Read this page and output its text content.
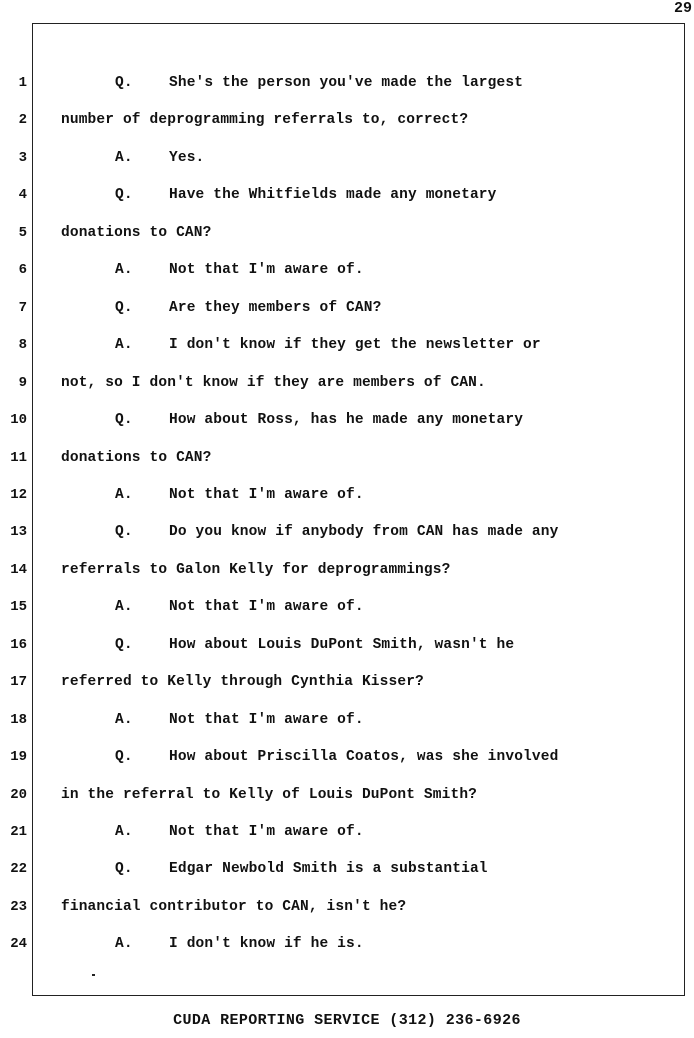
29
1	Q.	She's the person you've made the largest
2 number of deprogramming referrals to, correct?
3	A.	Yes.
4	Q.	Have the Whitfields made any monetary
5 donations to CAN?
6	A.	Not that I'm aware of.
7	Q.	Are they members of CAN?
8	A.	I don't know if they get the newsletter or
9 not, so I don't know if they are members of CAN.
10	Q.	How about Ross, has he made any monetary
11 donations to CAN?
12	A.	Not that I'm aware of.
13	Q.	Do you know if anybody from CAN has made any
14 referrals to Galon Kelly for deprogrammings?
15	A.	Not that I'm aware of.
16	Q.	How about Louis DuPont Smith, wasn't he
17 referred to Kelly through Cynthia Kisser?
18	A.	Not that I'm aware of.
19	Q.	How about Priscilla Coatos, was she involved
20 in the referral to Kelly of Louis DuPont Smith?
21	A.	Not that I'm aware of.
22	Q.	Edgar Newbold Smith is a substantial
23 financial contributor to CAN, isn't he?
24	A.	I don't know if he is.
CUDA REPORTING SERVICE (312) 236-6926
